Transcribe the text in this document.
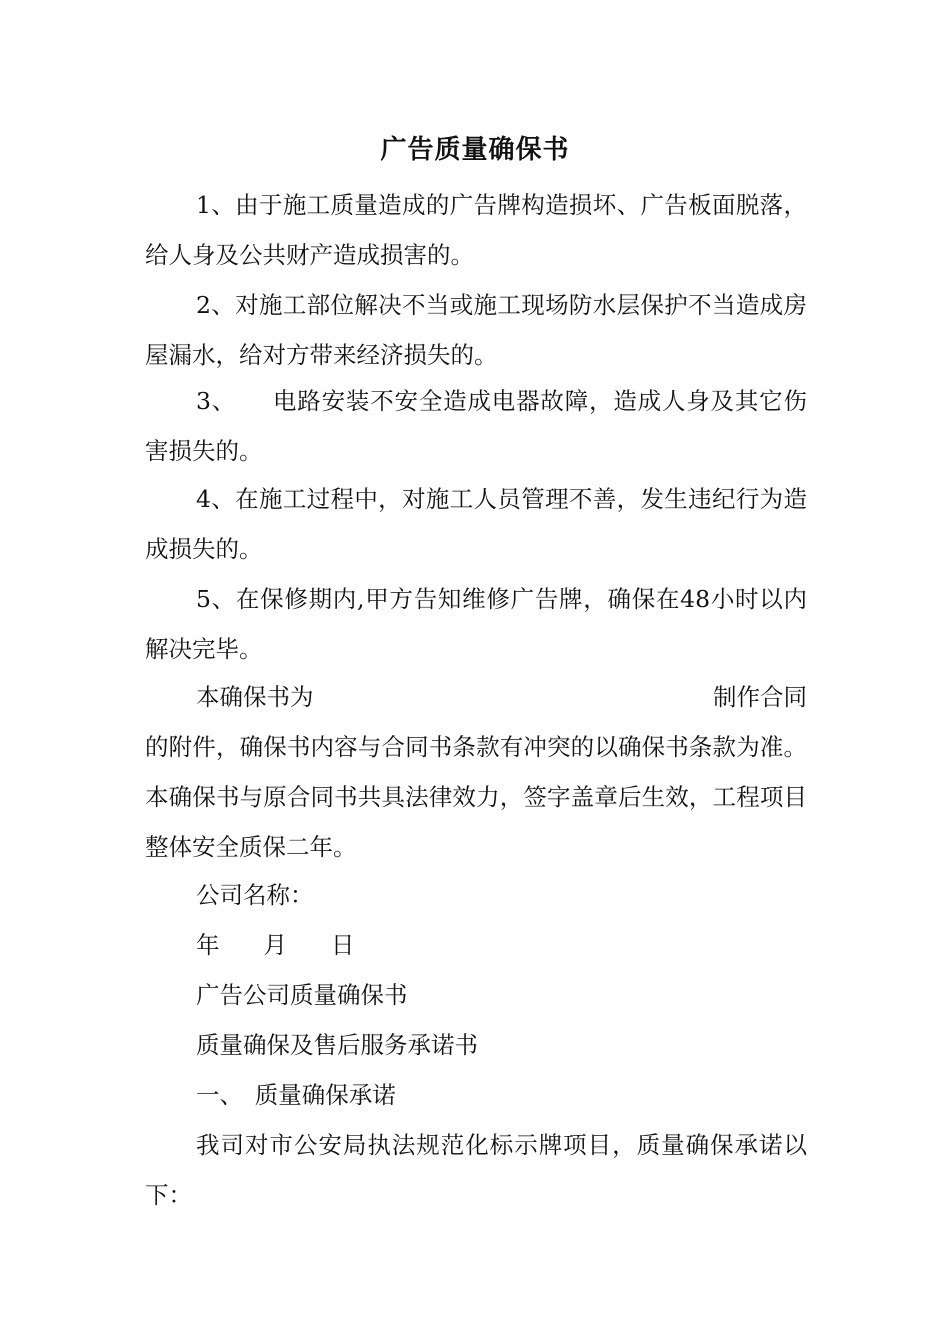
广告质量确保书

1、由于施工质量造成的广告牌构造损坏、广告板面脱落，给人身及公共财产造成损害的。

2、对施工部位解决不当或施工现场防水层保护不当造成房屋漏水，给对方带来经济损失的。

3、　　电路安装不安全造成电器故障，造成人身及其它伤害损失的。

4、在施工过程中，对施工人员管理不善，发生违纪行为造成损失的。

5、在保修期内,甲方告知维修广告牌，确保在48小时以内解决完毕。

本确保书为	制作合同

的附件，确保书内容与合同书条款有冲突的以确保书条款为准。本确保书与原合同书共具法律效力，签字盖章后生效，工程项目整体安全质保二年。

公司名称：
年 月 日
广告公司质量确保书
质量确保及售后服务承诺书
一、　质量确保承诺

我司对市公安局执法规范化标示牌项目，质量确保承诺以下：
